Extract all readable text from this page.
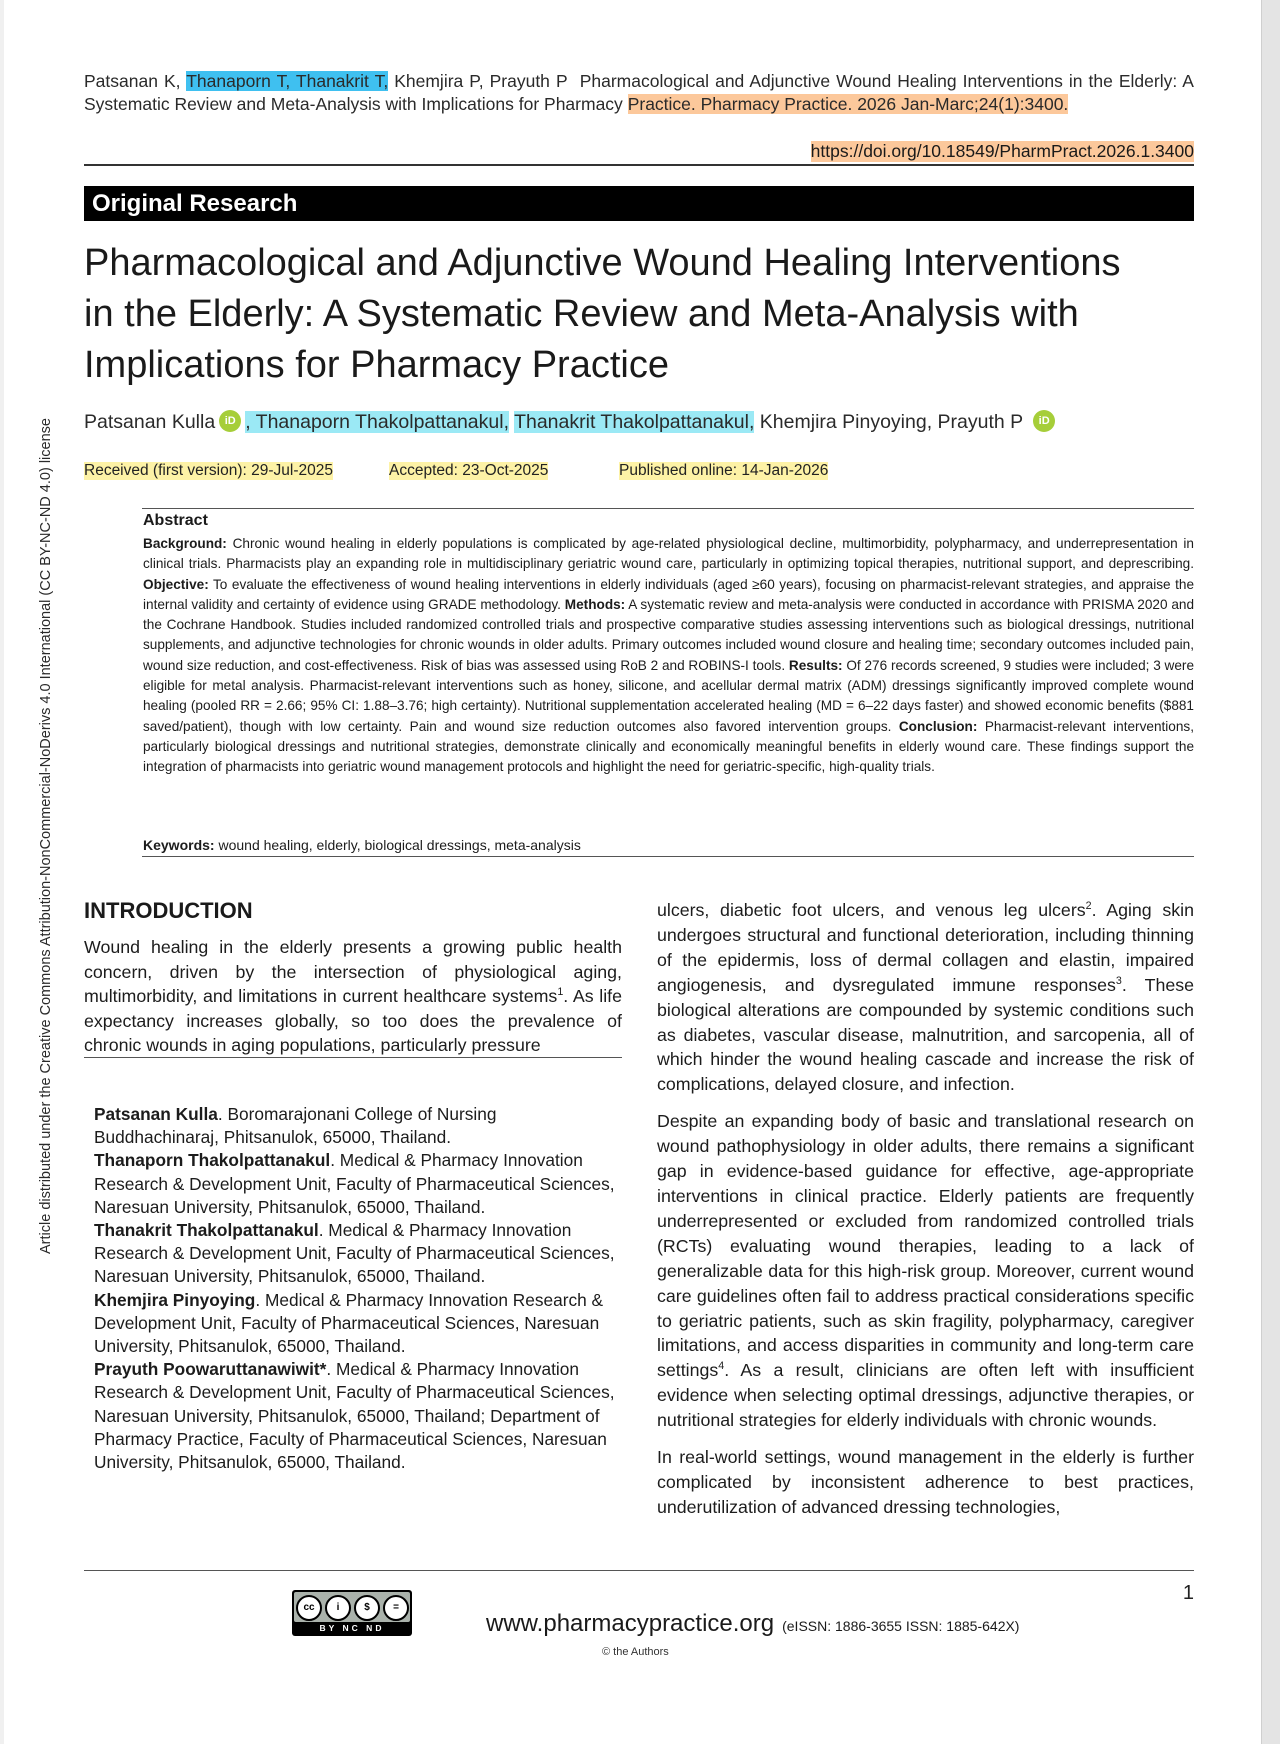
Article distributed under the Creative Commons Attribution-NonCommercial-NoDerivs 4.0 International (CC BY-NC-ND 4.0) license
Patsanan K, Thanaporn T, Thanakrit T, Khemjira P, Prayuth P Pharmacological and Adjunctive Wound Healing Interventions in the Elderly: A Systematic Review and Meta-Analysis with Implications for Pharmacy Practice. Pharmacy Practice. 2026 Jan-Marc;24(1):3400.
https://doi.org/10.18549/PharmPract.2026.1.3400
Original Research
Pharmacological and Adjunctive Wound Healing Interventions
in the Elderly: A Systematic Review and Meta-Analysis with
Implications for Pharmacy Practice
Patsanan Kulla iD , Thanaporn Thakolpattanakul, Thanakrit Thakolpattanakul, Khemjira Pinyoying, Prayuth P iD
Received (first version): 29-Jul-2025	Accepted: 23-Oct-2025	Published online: 14-Jan-2026
Abstract
Background: Chronic wound healing in elderly populations is complicated by age-related physiological decline, multimorbidity, polypharmacy, and underrepresentation in clinical trials. Pharmacists play an expanding role in multidisciplinary geriatric wound care, particularly in optimizing topical therapies, nutritional support, and deprescribing. Objective: To evaluate the effectiveness of wound healing interventions in elderly individuals (aged ≥60 years), focusing on pharmacist-relevant strategies, and appraise the internal validity and certainty of evidence using GRADE methodology. Methods: A systematic review and meta-analysis were conducted in accordance with PRISMA 2020 and the Cochrane Handbook. Studies included randomized controlled trials and prospective comparative studies assessing interventions such as biological dressings, nutritional supplements, and adjunctive technologies for chronic wounds in older adults. Primary outcomes included wound closure and healing time; secondary outcomes included pain, wound size reduction, and cost-effectiveness. Risk of bias was assessed using RoB 2 and ROBINS-I tools. Results: Of 276 records screened, 9 studies were included; 3 were eligible for metal analysis. Pharmacist-relevant interventions such as honey, silicone, and acellular dermal matrix (ADM) dressings significantly improved complete wound healing (pooled RR = 2.66; 95% CI: 1.88–3.76; high certainty). Nutritional supplementation accelerated healing (MD = 6–22 days faster) and showed economic benefits ($881 saved/patient), though with low certainty. Pain and wound size reduction outcomes also favored intervention groups. Conclusion: Pharmacist-relevant interventions, particularly biological dressings and nutritional strategies, demonstrate clinically and economically meaningful benefits in elderly wound care. These findings support the integration of pharmacists into geriatric wound management protocols and highlight the need for geriatric-specific, high-quality trials.
Keywords: wound healing, elderly, biological dressings, meta-analysis
INTRODUCTION
Wound healing in the elderly presents a growing public health concern, driven by the intersection of physiological aging, multimorbidity, and limitations in current healthcare systems$^1$. As life expectancy increases globally, so too does the prevalence of chronic wounds in aging populations, particularly pressure

Patsanan Kulla. Boromarajonani College of Nursing Buddhachinaraj, Phitsanulok, 65000, Thailand.

Thanaporn Thakolpattanakul. Medical & Pharmacy Innovation Research & Development Unit, Faculty of Pharmaceutical Sciences, Naresuan University, Phitsanulok, 65000, Thailand.

Thanakrit Thakolpattanakul. Medical & Pharmacy Innovation Research & Development Unit, Faculty of Pharmaceutical Sciences, Naresuan University, Phitsanulok, 65000, Thailand.

Khemjira Pinyoying. Medical & Pharmacy Innovation Research & Development Unit, Faculty of Pharmaceutical Sciences, Naresuan University, Phitsanulok, 65000, Thailand.

Prayuth Poowaruttanawiwit*. Medical & Pharmacy Innovation Research & Development Unit, Faculty of Pharmaceutical Sciences, Naresuan University, Phitsanulok, 65000, Thailand; Department of Pharmacy Practice, Faculty of Pharmaceutical Sciences, Naresuan University, Phitsanulok, 65000, Thailand.

ulcers, diabetic foot ulcers, and venous leg ulcers$^2$. Aging skin undergoes structural and functional deterioration, including thinning of the epidermis, loss of dermal collagen and elastin, impaired angiogenesis, and dysregulated immune responses$^3$. These biological alterations are compounded by systemic conditions such as diabetes, vascular disease, malnutrition, and sarcopenia, all of which hinder the wound healing cascade and increase the risk of complications, delayed closure, and infection.

Despite an expanding body of basic and translational research on wound pathophysiology in older adults, there remains a significant gap in evidence-based guidance for effective, age-appropriate interventions in clinical practice. Elderly patients are frequently underrepresented or excluded from randomized controlled trials (RCTs) evaluating wound therapies, leading to a lack of generalizable data for this high-risk group. Moreover, current wound care guidelines often fail to address practical considerations specific to geriatric patients, such as skin fragility, polypharmacy, caregiver limitations, and access disparities in community and long-term care settings$^4$. As a result, clinicians are often left with insufficient evidence when selecting optimal dressings, adjunctive therapies, or nutritional strategies for elderly individuals with chronic wounds.

In real-world settings, wound management in the elderly is further complicated by inconsistent adherence to best practices, underutilization of advanced dressing technologies,

1
cc	i	$	=
BY NC ND	www.pharmacypractice.org (eISSN: 1886-3655 ISSN: 1885-642X)
© the Authors
